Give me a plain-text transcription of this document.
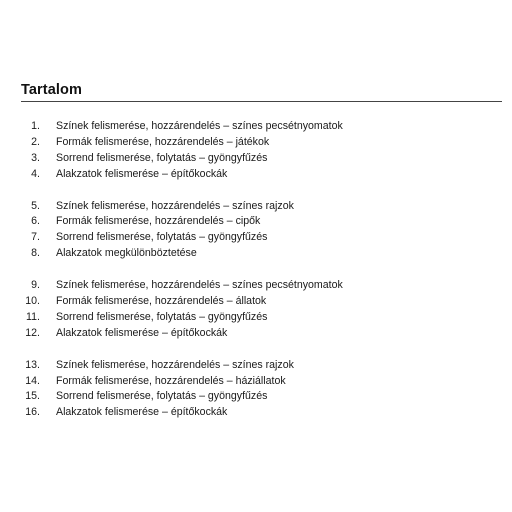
Tartalom
1. Színek felismerése, hozzárendelés – színes pecsétnyomatok
2. Formák felismerése, hozzárendelés – játékok
3. Sorrend felismerése, folytatás – gyöngyfűzés
4. Alakzatok felismerése – építőkockák
5. Színek felismerése, hozzárendelés – színes rajzok
6. Formák felismerése, hozzárendelés – cipők
7. Sorrend felismerése, folytatás – gyöngyfűzés
8. Alakzatok megkülönböztetése
9. Színek felismerése, hozzárendelés – színes pecsétnyomatok
10. Formák felismerése, hozzárendelés – állatok
11. Sorrend felismerése, folytatás – gyöngyfűzés
12. Alakzatok felismerése – építőkockák
13. Színek felismerése, hozzárendelés – színes rajzok
14. Formák felismerése, hozzárendelés – háziállatok
15. Sorrend felismerése, folytatás – gyöngyfűzés
16. Alakzatok felismerése – építőkockák
